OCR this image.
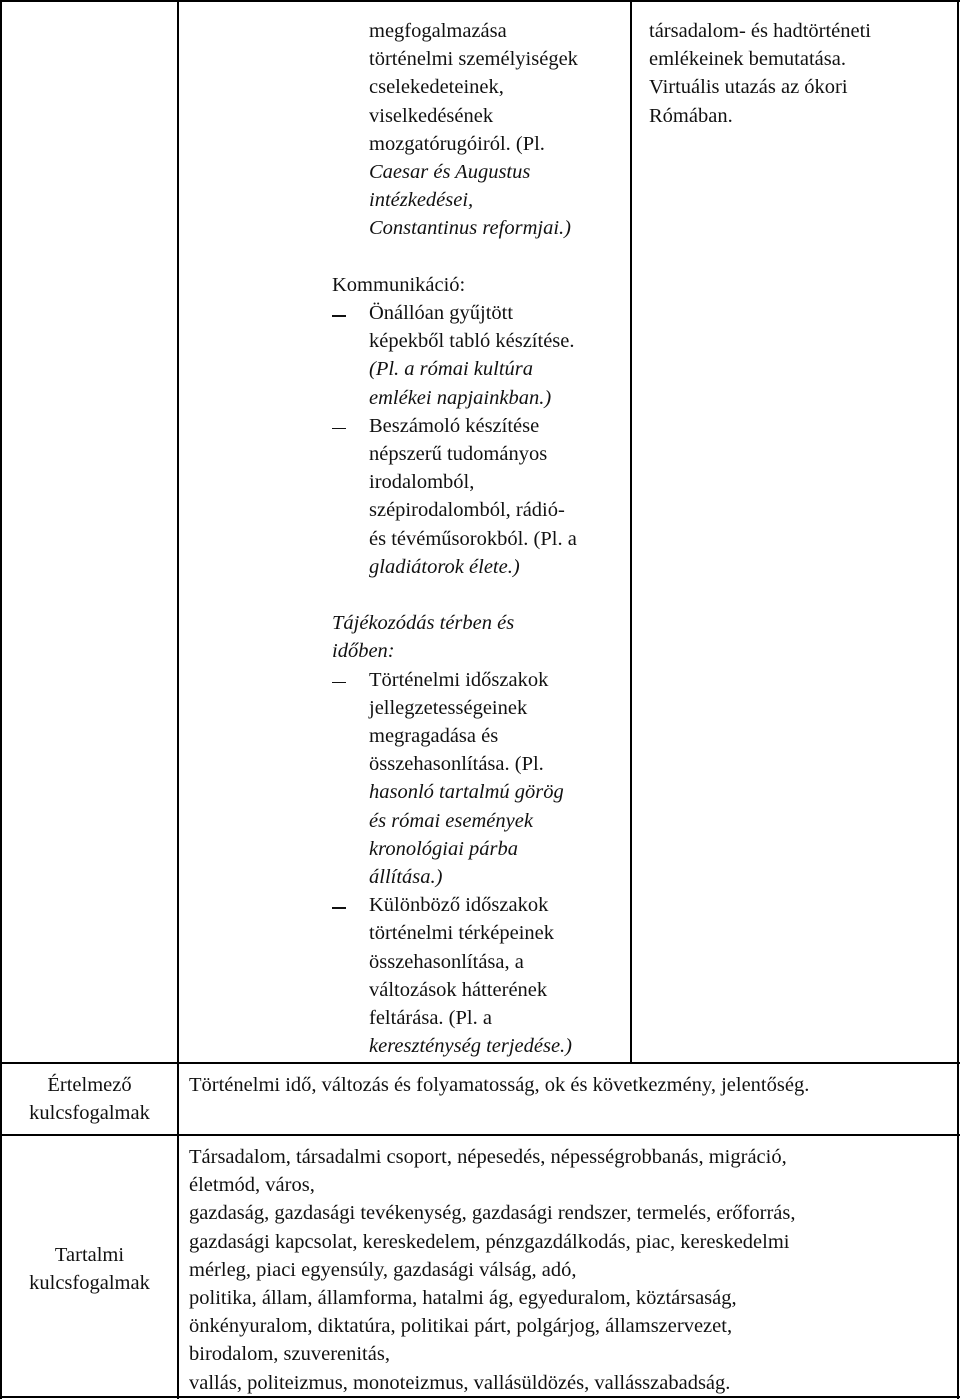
megfogalmazása
történelmi személyiségek
cselekedeteinek,
viselkedésének
mozgatórugóiról. (Pl.
Caesar és Augustus
intézkedései,
Constantinus reformjai.)
Kommunikáció:
Önállóan gyűjtött
képekből tabló készítése.
(Pl. a római kultúra
emlékei napjainkban.)
Beszámoló készítése
népszerű tudományos
irodalomból,
szépirodalomból, rádió-
és tévéműsorokból. (Pl. a
gladiátorok élete.)
Tájékozódás térben és
időben:
Történelmi időszakok
jellegzetességeinek
megragadása és
összehasonlítása. (Pl.
hasonló tartalmú görög
és római események
kronológiai párba
állítása.)
Különböző időszakok
történelmi térképeinek
összehasonlítása, a
változások hátterének
feltárása. (Pl. a
kereszténység terjedése.)
társadalom- és hadtörténeti
emlékeinek bemutatása.
Virtuális utazás az ókori
Rómában.
Értelmező
kulcsfogalmak
Történelmi idő, változás és folyamatosság, ok és következmény, jelentőség.
Tartalmi
kulcsfogalmak
Társadalom, társadalmi csoport, népesedés, népességrobbanás, migráció,
életmód, város,
gazdaság, gazdasági tevékenység, gazdasági rendszer, termelés, erőforrás,
gazdasági kapcsolat, kereskedelem, pénzgazdálkodás, piac, kereskedelmi
mérleg, piaci egyensúly, gazdasági válság, adó,
politika, állam, államforma, hatalmi ág, egyeduralom, köztársaság,
önkényuralom, diktatúra, politikai párt, polgárjog, államszervezet,
birodalom, szuverenitás,
vallás, politeizmus, monoteizmus, vallásüldözés, vallásszabadság.
